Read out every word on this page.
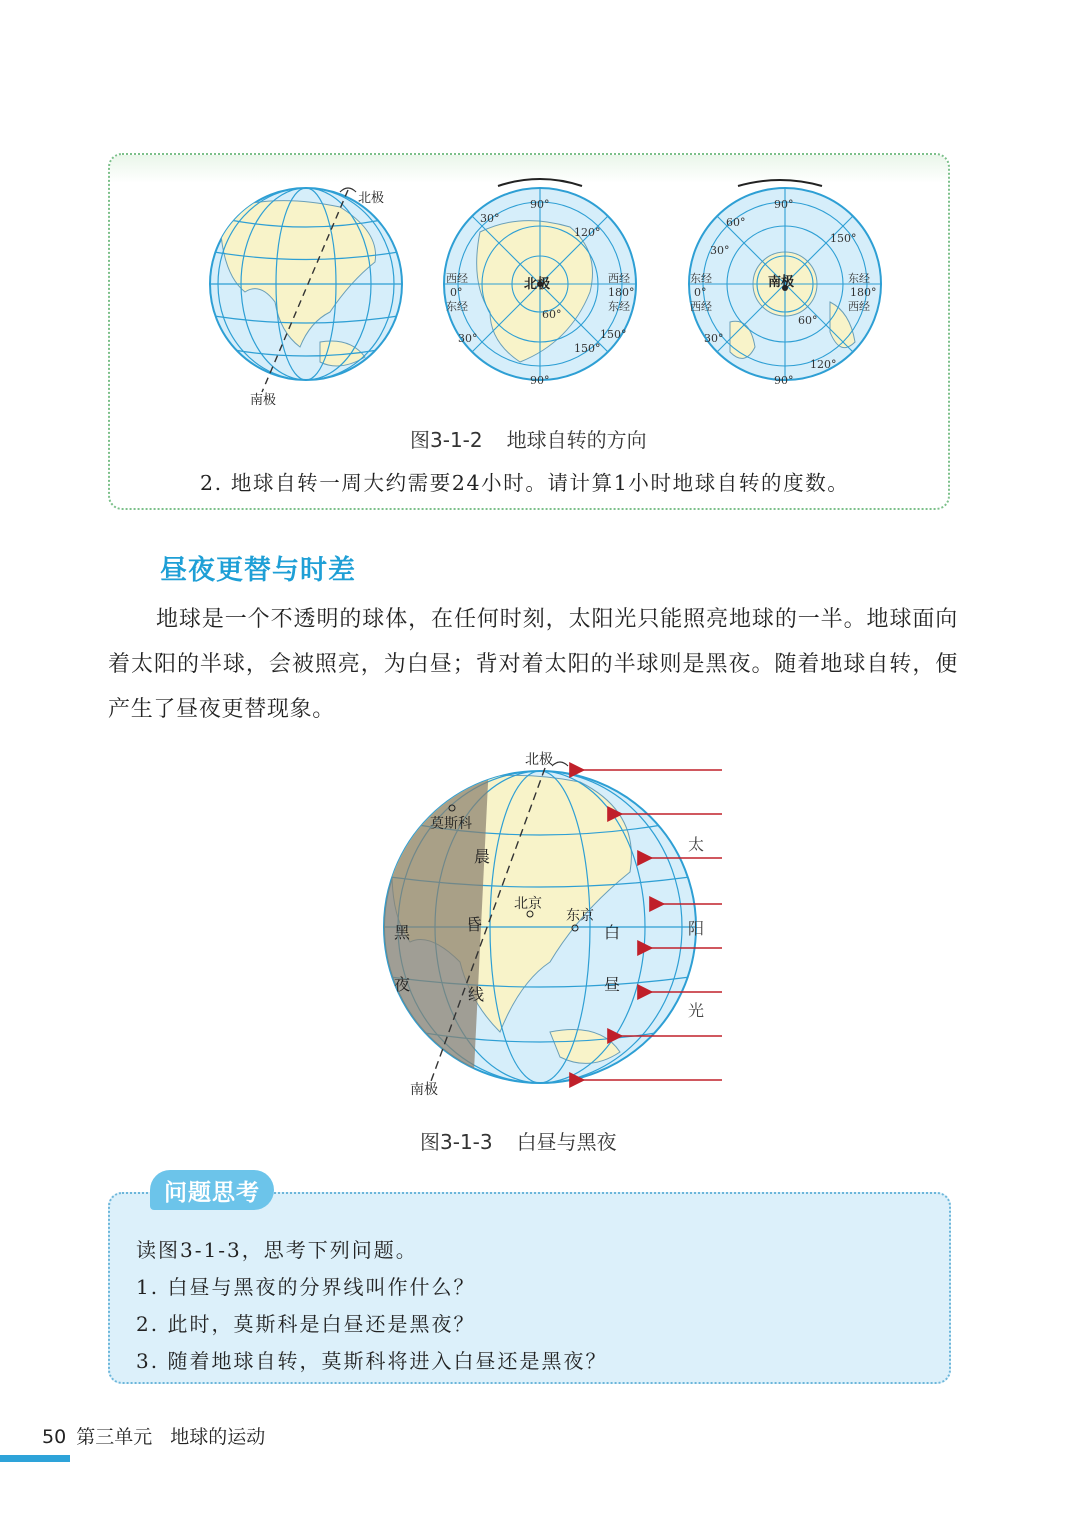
北极
南极
北极
西经
0°
东经
西经
180°
东经
90°
90°
30°
120°
30°	150°
60°
150°
南极
东经
0°
西经
东经
180°
西经
90°
90°
60°
150°
30°
120°
30°
60°
图3-1-2 地球自转的方向
2. 地球自转一周大约需要24小时。请计算1小时地球自转的度数。
昼夜更替与时差

地球是一个不透明的球体，在任何时刻，太阳光只能照亮地球的一半。地球面向着太阳的半球，会被照亮，为白昼；背对着太阳的半球则是黑夜。随着地球自转，便产生了昼夜更替现象。

北极
南极
莫斯科
北京
东京
黑
夜
晨
昏
线
白
昼
太
阳
光
图3-1-3 白昼与黑夜
问题思考
读图3-1-3，思考下列问题。
1. 白昼与黑夜的分界线叫作什么？
2. 此时，莫斯科是白昼还是黑夜？
3. 随着地球自转，莫斯科将进入白昼还是黑夜？
50 第三单元 地球的运动
